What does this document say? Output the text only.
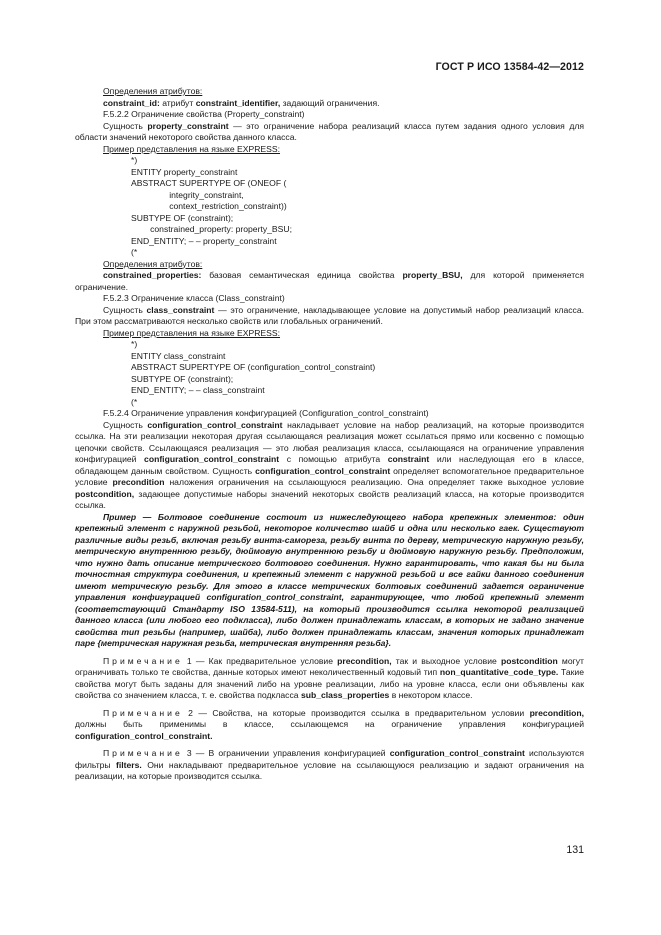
ГОСТ Р ИСО 13584-42—2012

Определения атрибутов:

constraint_id: атрибут constraint_identifier, задающий ограничения.

F.5.2.2 Ограничение свойства (Property_constraint)

Сущность property_constraint — это ограничение набора реализаций класса путем задания одного условия для области значений некоторого свойства данного класса.

Пример представления на языке EXPRESS:

*)

ENTITY property_constraint

ABSTRACT SUPERTYPE OF (ONEOF (

integrity_constraint,

context_restriction_constraint))

SUBTYPE OF (constraint);

constrained_property: property_BSU;

END_ENTITY; – – property_constraint

(*

Определения атрибутов:

constrained_properties: базовая семантическая единица свойства property_BSU, для которой применяется ограничение.

F.5.2.3 Ограничение класса (Class_constraint)

Сущность class_constraint — это ограничение, накладывающее условие на допустимый набор реализаций класса. При этом рассматриваются несколько свойств или глобальных ограничений.

Пример представления на языке EXPRESS:

*)

ENTITY class_constraint

ABSTRACT SUPERTYPE OF (configuration_control_constraint)

SUBTYPE OF (constraint);

END_ENTITY; – – class_constraint

(*

F.5.2.4 Ограничение управления конфигурацией (Configuration_control_constraint)

Сущность configuration_control_constraint накладывает условие на набор реализаций, на которые производится ссылка. На эти реализации некоторая другая ссылающаяся реализация может ссылаться прямо или косвенно с помощью цепочки свойств. Ссылающаяся реализация — это любая реализация класса, ссылающаяся на ограничение управления конфигурацией configuration_control_constraint с помощью атрибута constraint или наследующая его в классе, обладающем данным свойством. Сущность configuration_control_constraint определяет вспомогательное предварительное условие precondition наложения ограничения на ссылающуюся реализацию. Она определяет также выходное условие postcondition, задающее допустимые наборы значений некоторых свойств реализаций класса, на которые производится ссылка.

Пример — Болтовое соединение состоит из нижеследующего набора крепежных элементов: один крепежный элемент с наружной резьбой, некоторое количество шайб и одна или несколько гаек. Существуют различные виды резьб, включая резьбу винта-самореза, резьбу винта по дереву, метрическую наружную резьбу, метрическую внутреннюю резьбу, дюймовую внутреннюю резьбу и дюймовую наружную резьбу. Предположим, что нужно дать описание метрического болтового соединения. Нужно гарантировать, что какая бы ни была точностная структура соединения, и крепежный элемент с наружной резьбой и все гайки данного соединения имеют метрическую резьбу. Для этого в классе метрических болтовых соединений задается ограничение управления конфигурацией configuration_control_constraint, гарантирующее, что любой крепежный элемент (соответствующий Стандарту ISO 13584-511), на который производится ссылка некоторой реализацией данного класса (или любого его подкласса), либо должен принадлежать классам, в которых не задано значение свойства тип резьбы (например, шайба), либо должен принадлежать классам, значения которых принадлежат паре {метрическая наружная резьба, метрическая внутренняя резьба}.

Примечание 1 — Как предварительное условие precondition, так и выходное условие postcondition могут ограничивать только те свойства, данные которых имеют неколичественный кодовый тип non_quantitative_code_type. Такие свойства могут быть заданы для значений либо на уровне реализации, либо на уровне класса, если они объявлены как свойства со значением класса, т. е. свойства подкласса sub_class_properties в некотором классе.

Примечание 2 — Свойства, на которые производится ссылка в предварительном условии precondition, должны быть применимы в классе, ссылающемся на ограничение управления конфигурацией configuration_control_constraint.

Примечание 3 — В ограничении управления конфигурацией configuration_control_constraint используются фильтры filters. Они накладывают предварительное условие на ссылающуюся реализацию и задают ограничения на реализации, на которые производится ссылка.

131
